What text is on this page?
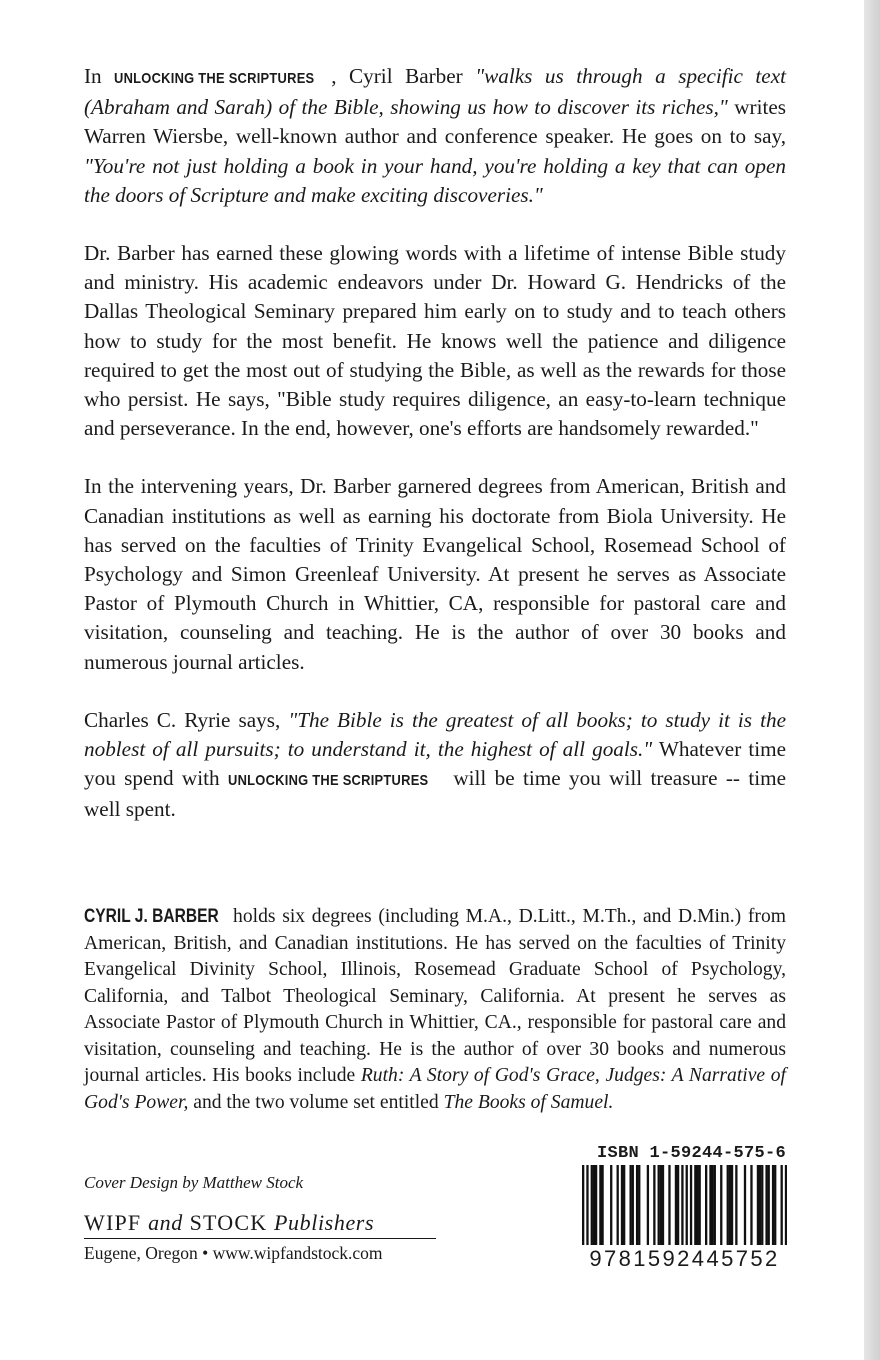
In UNLOCKING THE SCRIPTURES , Cyril Barber "walks us through a specific text (Abraham and Sarah) of the Bible, showing us how to discover its riches," writes Warren Wiersbe, well-known author and conference speaker. He goes on to say, "You're not just holding a book in your hand, you're holding a key that can open the doors of Scripture and make exciting discoveries."

Dr. Barber has earned these glowing words with a lifetime of intense Bible study and ministry. His academic endeavors under Dr. Howard G. Hendricks of the Dallas Theological Seminary prepared him early on to study and to teach others how to study for the most benefit. He knows well the patience and diligence required to get the most out of studying the Bible, as well as the rewards for those who persist. He says, "Bible study requires diligence, an easy-to-learn technique and perseverance. In the end, however, one's efforts are handsomely rewarded."

In the intervening years, Dr. Barber garnered degrees from American, British and Canadian institutions as well as earning his doctorate from Biola University. He has served on the faculties of Trinity Evangelical School, Rosemead School of Psychology and Simon Greenleaf University. At present he serves as Associate Pastor of Plymouth Church in Whittier, CA, responsible for pastoral care and visitation, counseling and teaching. He is the author of over 30 books and numerous journal articles.

Charles C. Ryrie says, "The Bible is the greatest of all books; to study it is the noblest of all pursuits; to understand it, the highest of all goals." Whatever time you spend with UNLOCKING THE SCRIPTURES will be time you will treasure -- time well spent.

CYRIL J. BARBER holds six degrees (including M.A., D.Litt., M.Th., and D.Min.) from American, British, and Canadian institutions. He has served on the faculties of Trinity Evangelical Divinity School, Illinois, Rosemead Graduate School of Psychology, California, and Talbot Theological Seminary, California. At present he serves as Associate Pastor of Plymouth Church in Whittier, CA., responsible for pastoral care and visitation, counseling and teaching. He is the author of over 30 books and numerous journal articles. His books include Ruth: A Story of God's Grace, Judges: A Narrative of God's Power, and the two volume set entitled The Books of Samuel.

Cover Design by Matthew Stock

WIPF and STOCK Publishers

Eugene, Oregon • www.wipfandstock.com

ISBN 1-59244-575-6
9781592445752
